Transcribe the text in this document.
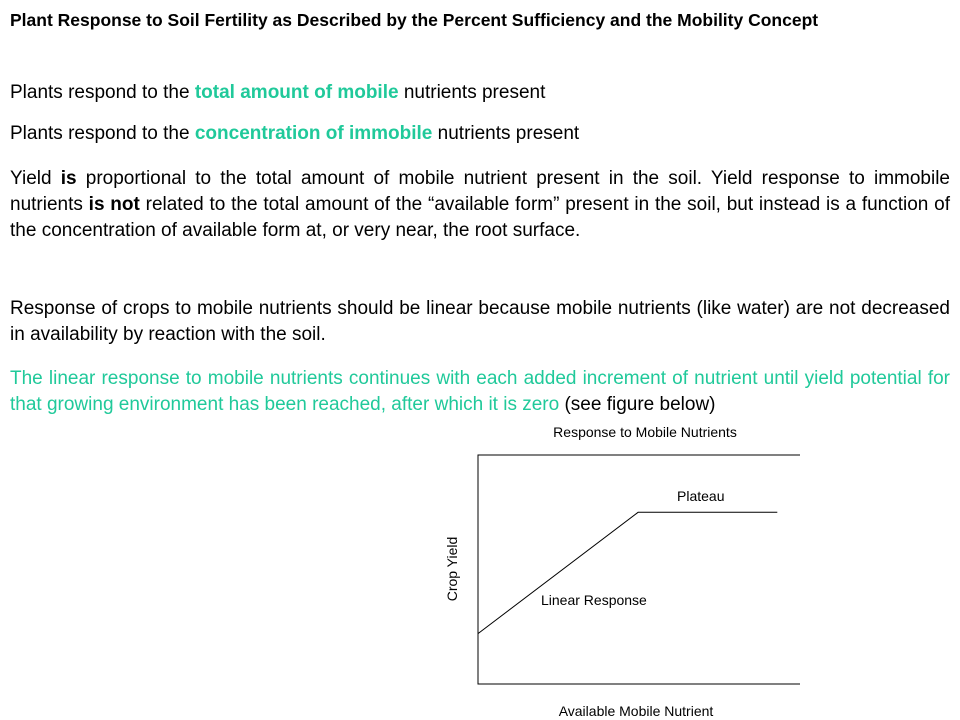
Plant Response to Soil Fertility as Described by the Percent Sufficiency and the Mobility Concept
Plants respond to the total amount of mobile nutrients present
Plants respond to the concentration of immobile nutrients present
Yield is proportional to the total amount of mobile nutrient present in the soil. Yield response to immobile nutrients is not related to the total amount of the “available form” present in the soil, but instead is a function of the concentration of available form at, or very near, the root surface.
Response of crops to mobile nutrients should be linear because mobile nutrients (like water) are not decreased in availability by reaction with the soil.
The linear response to mobile nutrients continues with each added increment of nutrient until yield potential for that growing environment has been reached, after which it is zero (see figure below)
Response to Mobile Nutrients
Plateau
Linear Response
Crop Yield
Available Mobile Nutrient
